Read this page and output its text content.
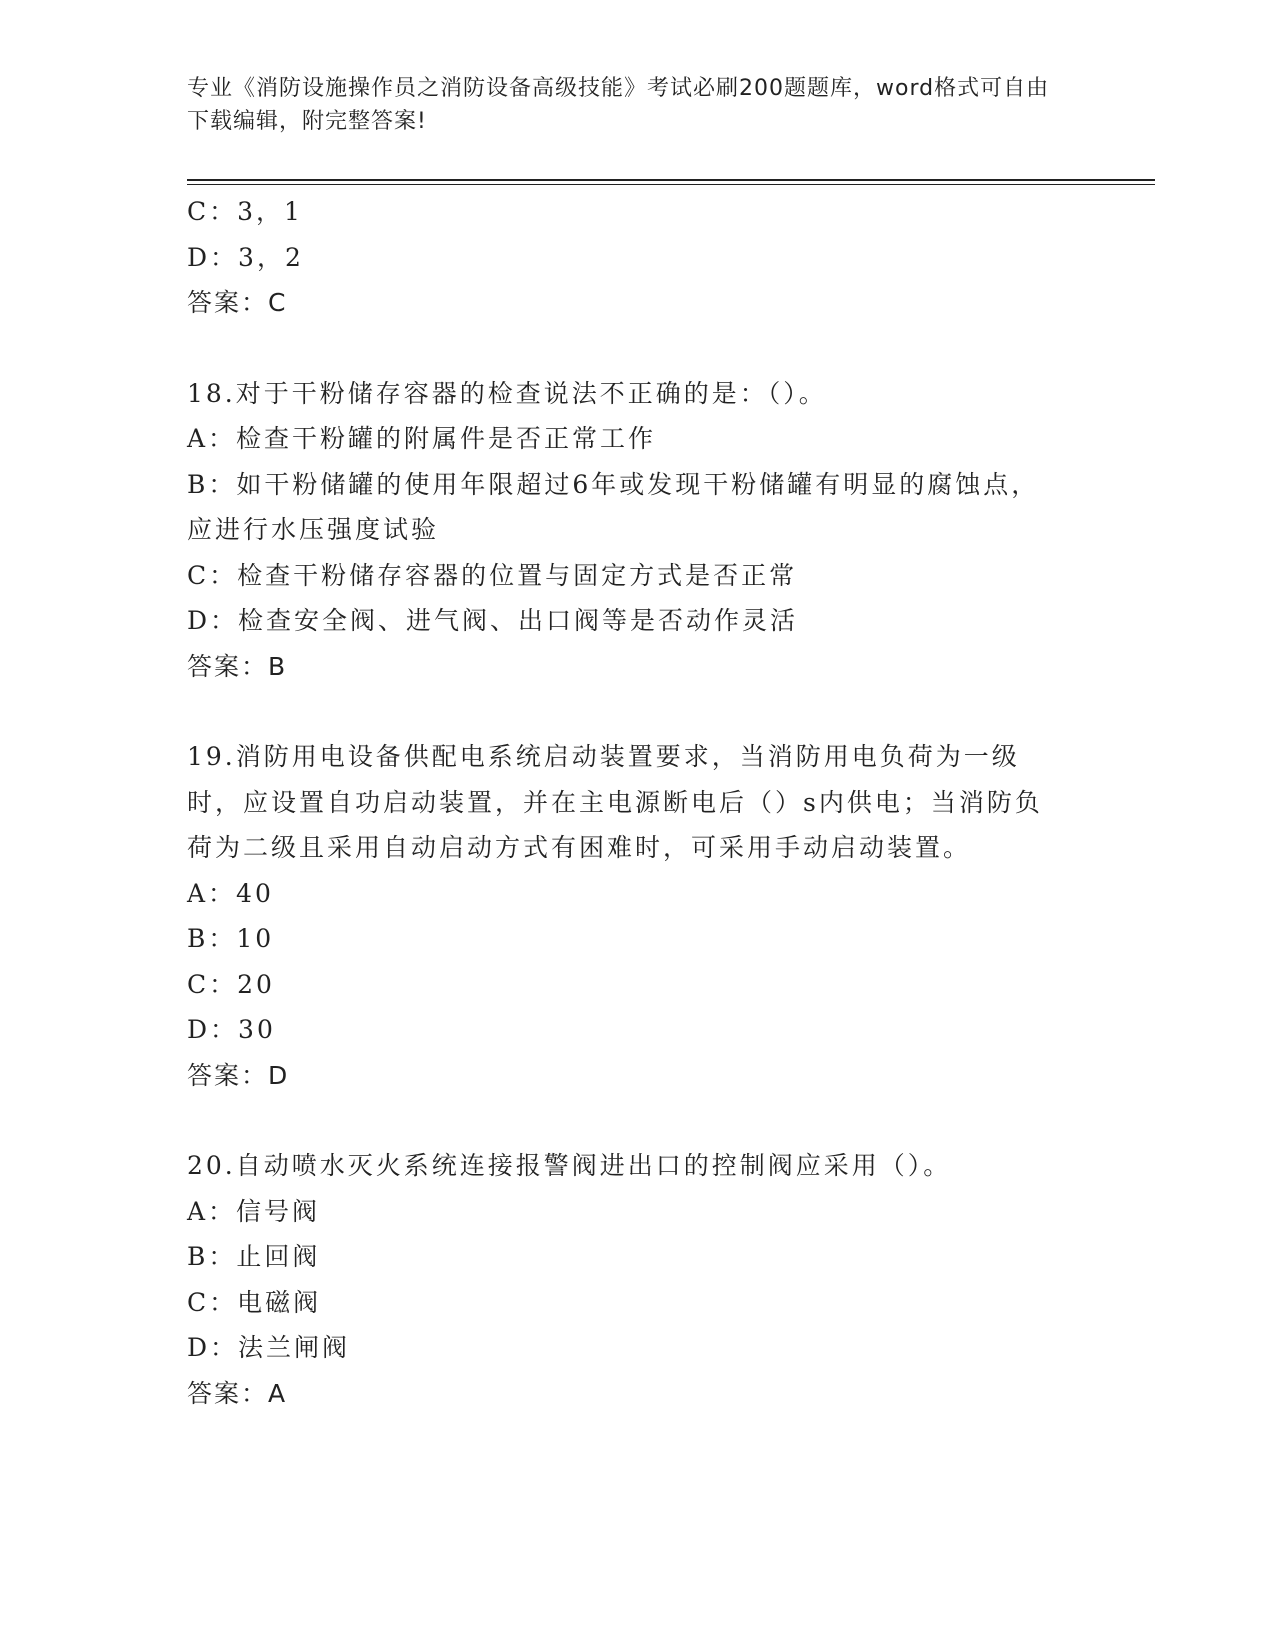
专业《消防设施操作员之消防设备高级技能》考试必刷200题题库，word格式可自由下载编辑，附完整答案!
C：3，1
D：3，2
答案：C
18.对于干粉储存容器的检查说法不正确的是：（）。
A：检查干粉罐的附属件是否正常工作
B：如干粉储罐的使用年限超过6年或发现干粉储罐有明显的腐蚀点，应进行水压强度试验
C：检查干粉储存容器的位置与固定方式是否正常
D：检查安全阀、进气阀、出口阀等是否动作灵活
答案：B
19.消防用电设备供配电系统启动装置要求，当消防用电负荷为一级时，应设置自功启动装置，并在主电源断电后（）s内供电；当消防负荷为二级且采用自动启动方式有困难时，可采用手动启动装置。
A：40
B：10
C：20
D：30
答案：D
20.自动喷水灭火系统连接报警阀进出口的控制阀应采用（）。
A：信号阀
B：止回阀
C：电磁阀
D：法兰闸阀
答案：A
